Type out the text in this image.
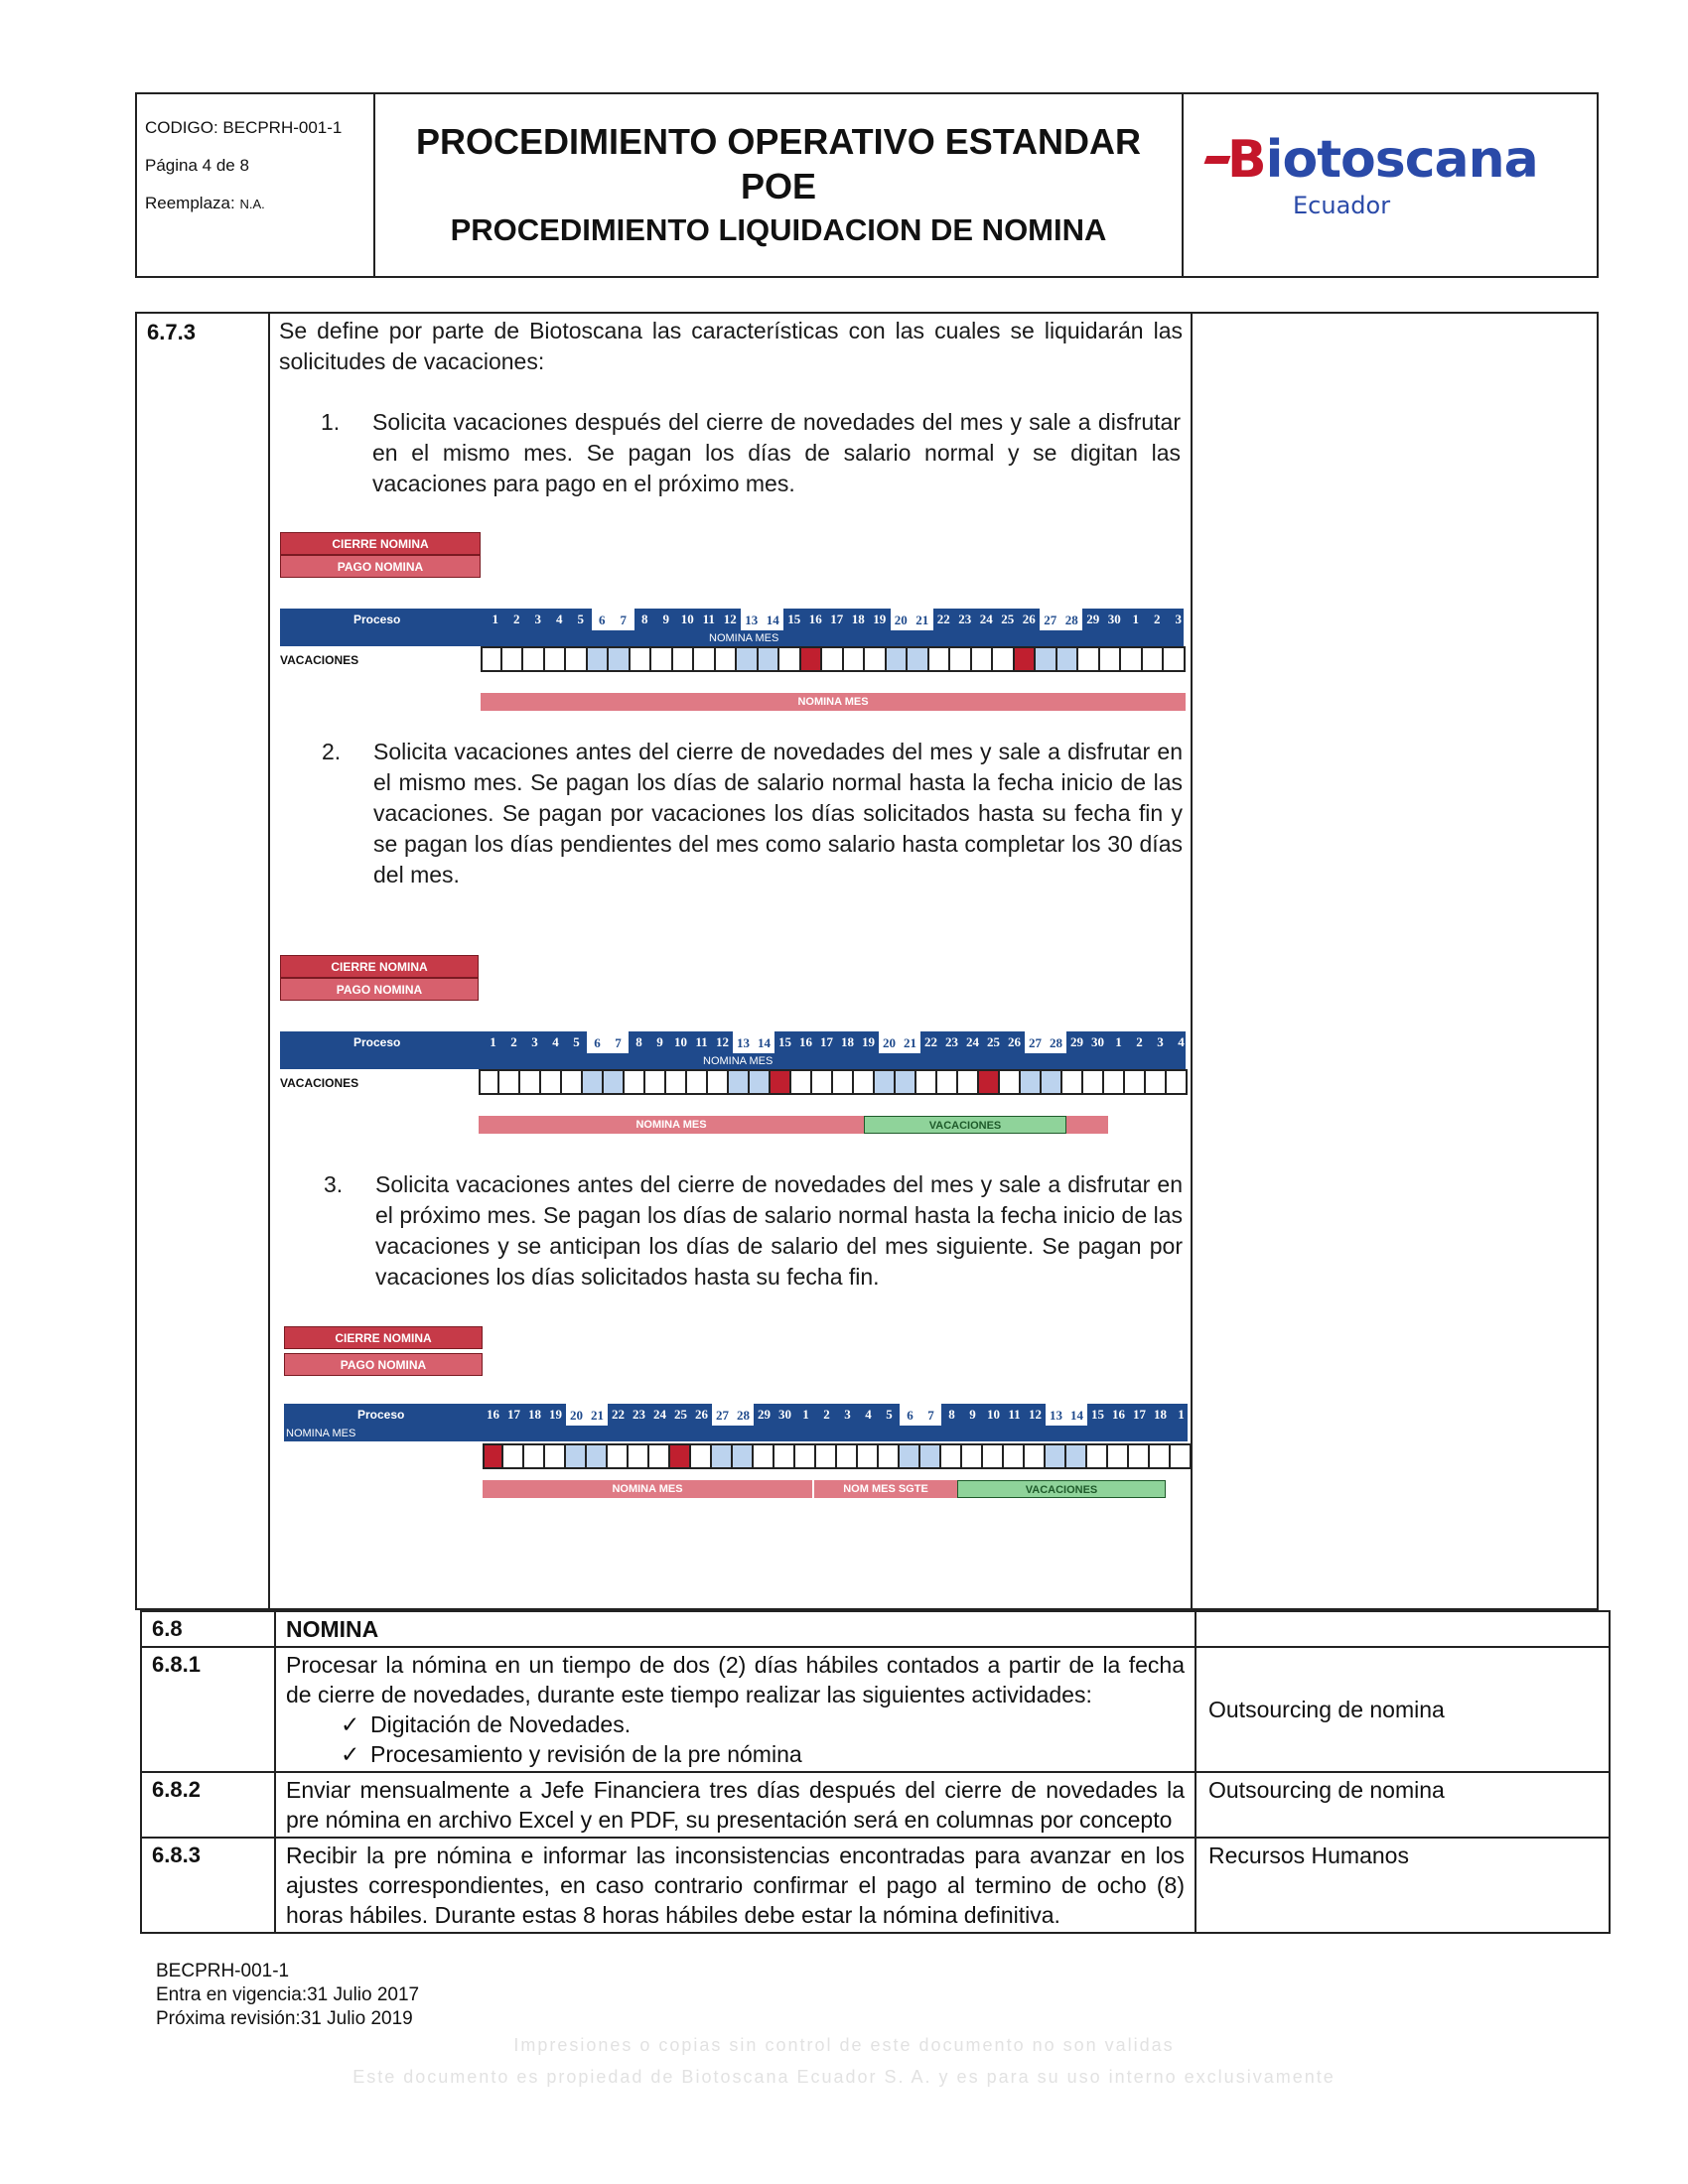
CODIGO: BECPRH-001-1
Página 4 de 8
Reemplaza: N.A.
PROCEDIMIENTO OPERATIVO ESTANDAR
POE
PROCEDIMIENTO LIQUIDACION DE NOMINA
Biotoscana
Ecuador
6.7.3	Se define por parte de Biotoscana las características con las cuales se liquidarán las solicitudes de vacaciones:
1. Solicita vacaciones después del cierre de novedades del mes y sale a disfrutar en el mismo mes. Se pagan los días de salario normal y se digitan las vacaciones para pago en el próximo mes.
CIERRE NOMINA
PAGO NOMINA
Proceso	1	2	3	4	5	6	7	8	9 10 11 12 13 14 15 16 17 18 19 20 21 22 23 24 25 26 27 28 29 30 1	2	3
NOMINA MES
VACACIONES
NOMINA MES
2. Solicita vacaciones antes del cierre de novedades del mes y sale a disfrutar en el mismo mes. Se pagan los días de salario normal hasta la fecha inicio de las vacaciones. Se pagan por vacaciones los días solicitados hasta su fecha fin y se pagan los días pendientes del mes como salario hasta completar los 30 días del mes.
CIERRE NOMINA
PAGO NOMINA
Proceso	1	2	3	4	5	6	7	8	9 10 11 12 13 14 15 16 17 18 19 20 21 22 23 24 25 26 27 28 29 30 1	2	3	4
NOMINA MES
VACACIONES
NOMINA MES	VACACIONES
3. Solicita vacaciones antes del cierre de novedades del mes y sale a disfrutar en el próximo mes. Se pagan los días de salario normal hasta la fecha inicio de las vacaciones y se anticipan los días de salario del mes siguiente. Se pagan por vacaciones los días solicitados hasta su fecha fin.
CIERRE NOMINA
PAGO NOMINA
Proceso	16 17 18 19 20 21 22 23 24 25 26 27 28 29 30 1	2	3	4	5	6	7	8	9 10 11 12 13 14 15 16 17 18 1
NOMINA MES
NOMINA MES	NOM MES SGTE	VACACIONES
6.8	NOMINA	
6.8.1	Procesar la nómina en un tiempo de dos (2) días hábiles contados a partir de la fecha de cierre de novedades, durante este tiempo realizar las siguientes actividades:
✓ Digitación de Novedades.
✓ Procesamiento y revisión de la pre nómina	Outsourcing de nomina
6.8.2	Enviar mensualmente a Jefe Financiera tres días después del cierre de novedades la pre nómina en archivo Excel y en PDF, su presentación será en columnas por concepto	Outsourcing de nomina
6.8.3	Recibir la pre nómina e informar las inconsistencias encontradas para avanzar en los ajustes correspondientes, en caso contrario confirmar el pago al termino de ocho (8) horas hábiles. Durante estas 8 horas hábiles debe estar la nómina definitiva.	Recursos Humanos
BECPRH-001-1
Entra en vigencia:31 Julio 2017
Próxima revisión:31 Julio 2019
Impresiones o copias sin control de este documento no son validas
Este documento es propiedad de Biotoscana Ecuador S. A. y es para su uso interno exclusivamente
